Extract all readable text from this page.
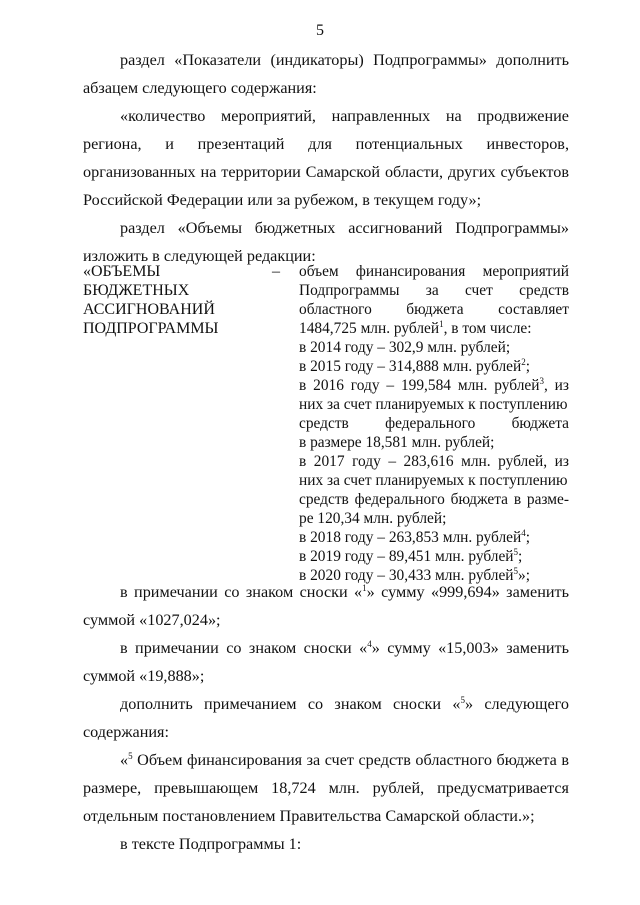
5
раздел «Показатели (индикаторы) Подпрограммы» дополнить абзацем следующего содержания:
«количество мероприятий, направленных на продвижение региона, и презентаций для потенциальных инвесторов, организованных на территории Самарской области, других субъектов Российской Федерации или за рубежом, в текущем году»;
раздел «Объемы бюджетных ассигнований Подпрограммы» изложить в следующей редакции:
«ОБЪЕМЫ
БЮДЖЕТНЫХ
АССИГНОВАНИЙ
ПОДПРОГРАММЫ
– объем финансирования мероприятий
Подпрограммы за счет средств
областного бюджета составляет
1484,725 млн. рублей$^1$, в том числе:
в 2014 году – 302,9 млн. рублей;
в 2015 году – 314,888 млн. рублей$^2$;
в 2016 году – 199,584 млн. рублей$^3$, из
них за счет планируемых к поступлению
средств федерального бюджета
в размере 18,581 млн. рублей;
в 2017 году – 283,616 млн. рублей, из
них за счет планируемых к поступлению
средств федерального бюджета в разме-
ре 120,34 млн. рублей;
в 2018 году – 263,853 млн. рублей$^4$;
в 2019 году – 89,451 млн. рублей$^5$;
в 2020 году – 30,433 млн. рублей$^5$»;
в примечании со знаком сноски «$^1$» сумму «999,694» заменить суммой «1027,024»;
в примечании со знаком сноски «$^4$» сумму «15,003» заменить суммой «19,888»;
дополнить примечанием со знаком сноски «$^5$» следующего содержания:
«$^5$ Объем финансирования за счет средств областного бюджета в размере, превышающем 18,724 млн. рублей, предусматривается отдельным постановлением Правительства Самарской области.»;
в тексте Подпрограммы 1:
